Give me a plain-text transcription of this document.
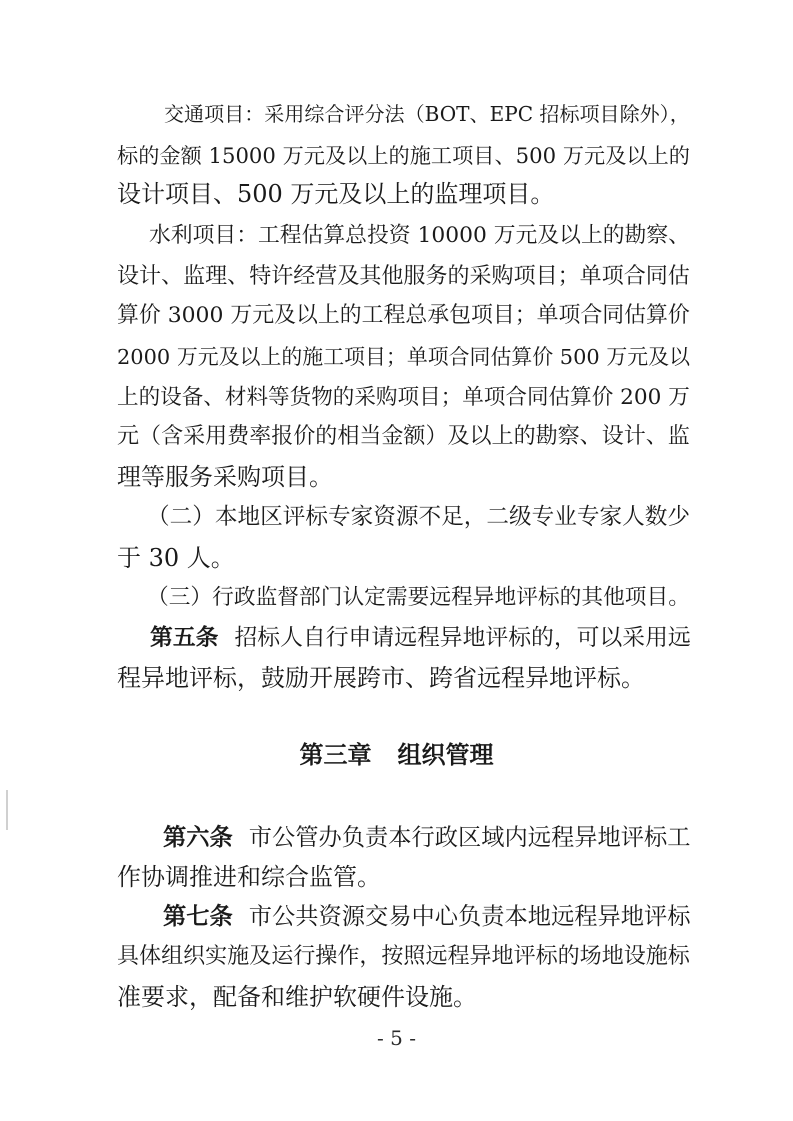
交通项目：采用综合评分法（BOT、EPC 招标项目除外），
标的金额 15000 万元及以上的施工项目、500 万元及以上的
设计项目、500 万元及以上的监理项目。
水利项目：工程估算总投资 10000 万元及以上的勘察、
设计、监理、特许经营及其他服务的采购项目；单项合同估
算价 3000 万元及以上的工程总承包项目；单项合同估算价
2000 万元及以上的施工项目；单项合同估算价 500 万元及以
上的设备、材料等货物的采购项目；单项合同估算价 200 万
元（含采用费率报价的相当金额）及以上的勘察、设计、监
理等服务采购项目。
（二）本地区评标专家资源不足，二级专业专家人数少
于 30 人。
（三）行政监督部门认定需要远程异地评标的其他项目。
第五条 招标人自行申请远程异地评标的，可以采用远
程异地评标，鼓励开展跨市、跨省远程异地评标。
第三章 组织管理
第六条 市公管办负责本行政区域内远程异地评标工
作协调推进和综合监管。
第七条 市公共资源交易中心负责本地远程异地评标
具体组织实施及运行操作，按照远程异地评标的场地设施标
准要求，配备和维护软硬件设施。
- 5 -
